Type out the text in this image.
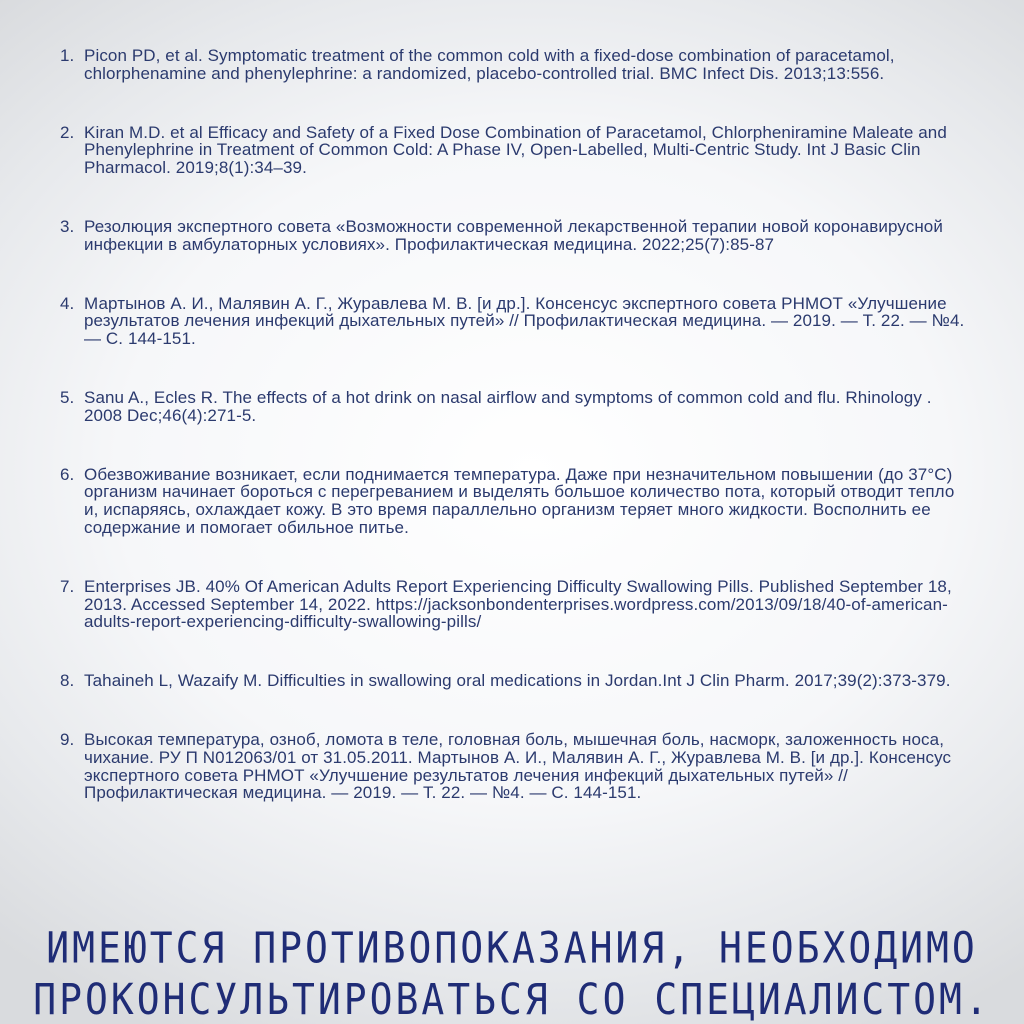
1. Picon PD, et al. Symptomatic treatment of the common cold with a fixed-dose combination of paracetamol, chlorphenamine and phenylephrine: a randomized, placebo-controlled trial. BMC Infect Dis. 2013;13:556.
2. Kiran M.D. et al Efficacy and Safety of a Fixed Dose Combination of Paracetamol, Chlorpheniramine Maleate and Phenylephrine in Treatment of Common Cold: A Phase IV, Open-Labelled, Multi-Centric Study. Int J Basic Clin Pharmacol. 2019;8(1):34–39.
3. Резолюция экспертного совета «Возможности современной лекарственной терапии новой коронавирусной инфекции в амбулаторных условиях». Профилактическая медицина. 2022;25(7):85-87
4. Мартынов А. И., Малявин А. Г., Журавлева М. В. [и др.]. Консенсус экспертного совета РНМОТ «Улучшение результатов лечения инфекций дыхательных путей» // Профилактическая медицина. — 2019. — Т. 22. — №4. — С. 144-151.
5. Sanu A., Ecles R. The effects of a hot drink on nasal airflow and symptoms of common cold and flu. Rhinology . 2008 Dec;46(4):271-5.
6. Обезвоживание возникает, если поднимается температура. Даже при незначительном повышении (до 37°С) организм начинает бороться с перегреванием и выделять большое количество пота, который отводит тепло и, испаряясь, охлаждает кожу. В это время параллельно организм теряет много жидкости. Восполнить ее содержание и помогает обильное питье.
7. Enterprises JB. 40% Of American Adults Report Experiencing Difficulty Swallowing Pills. Published September 18, 2013. Accessed September 14, 2022. https://jacksonbondenterprises.wordpress.com/2013/09/18/40-of-american-adults-report-experiencing-difficulty-swallowing-pills/
8. Tahaineh L, Wazaify M. Difficulties in swallowing oral medications in Jordan.Int J Clin Pharm. 2017;39(2):373-379.
9. Высокая температура, озноб, ломота в теле, головная боль, мышечная боль, насморк, заложенность носа, чихание. РУ П N012063/01 от 31.05.2011. Мартынов А. И., Малявин А. Г., Журавлева М. В. [и др.]. Консенсус экспертного совета РНМОТ «Улучшение результатов лечения инфекций дыхательных путей» // Профилактическая медицина. — 2019. — Т. 22. — №4. — С. 144-151.
ИМЕЮТСЯ ПРОТИВОПОКАЗАНИЯ, НЕОБХОДИМО
ПРОКОНСУЛЬТИРОВАТЬСЯ СО СПЕЦИАЛИСТОМ.
